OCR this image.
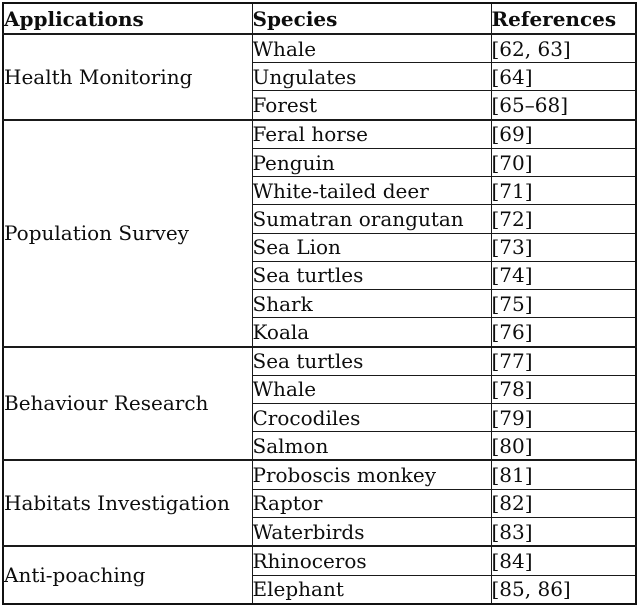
Applications	Species	References
Health Monitoring	Whale	[62, 63]
	Ungulates	[64]
	Forest	[65–68]
Population Survey	Feral horse	[69]
	Penguin	[70]
	White-tailed deer	[71]
	Sumatran orangutan	[72]
	Sea Lion	[73]
	Sea turtles	[74]
	Shark	[75]
	Koala	[76]
Behaviour Research	Sea turtles	[77]
	Whale	[78]
	Crocodiles	[79]
	Salmon	[80]
Habitats Investigation	Proboscis monkey	[81]
	Raptor	[82]
	Waterbirds	[83]
Anti-poaching	Rhinoceros	[84]
	Elephant	[85, 86]
